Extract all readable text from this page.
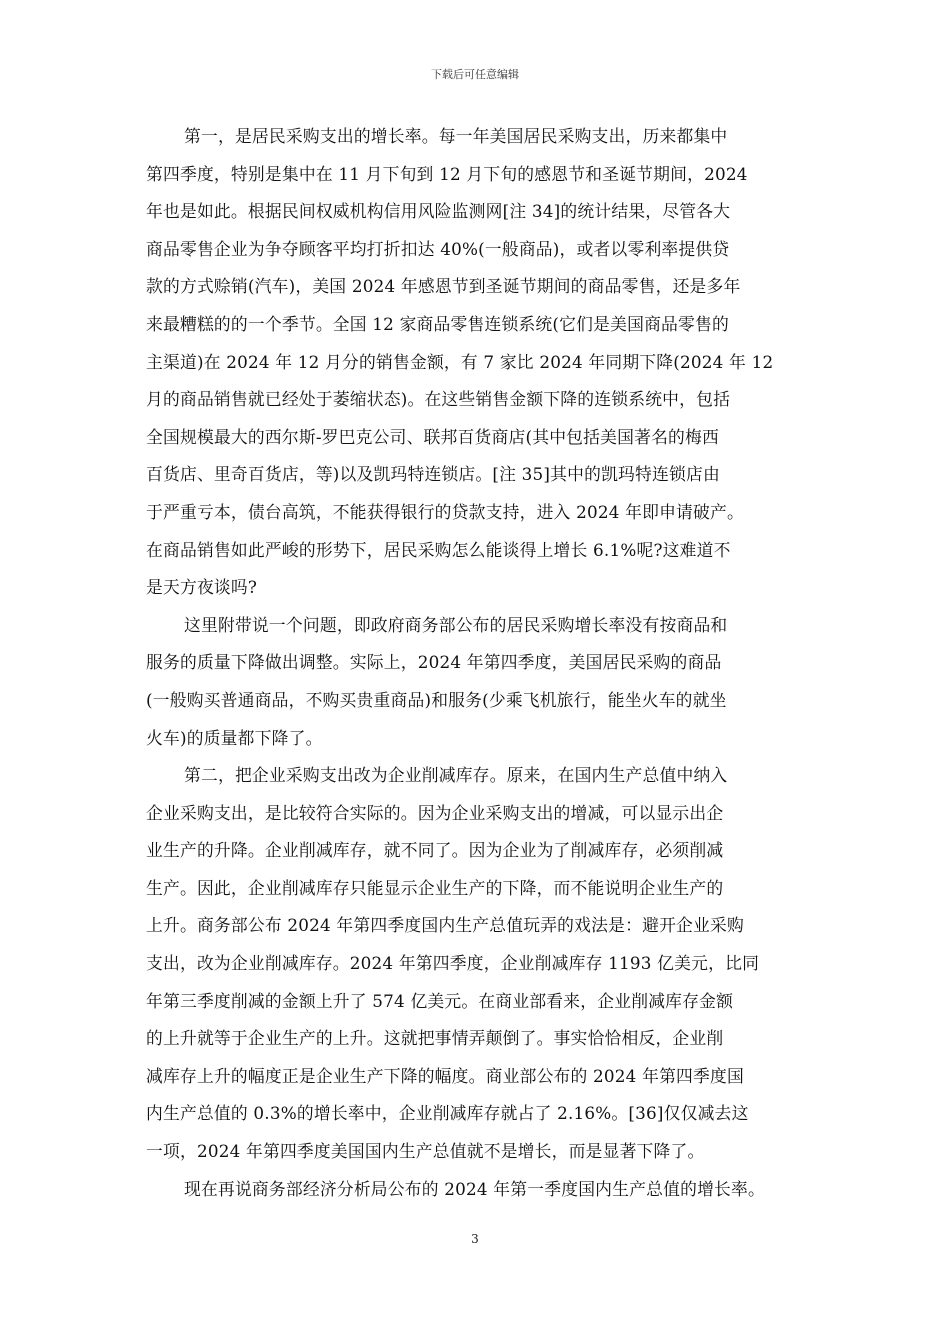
下载后可任意编辑
第一，是居民采购支出的增长率。每一年美国居民采购支出，历来都集中
第四季度，特别是集中在 11 月下旬到 12 月下旬的感恩节和圣诞节期间，2024
年也是如此。根据民间权威机构信用风险监测网[注 34]的统计结果，尽管各大
商品零售企业为争夺顾客平均打折扣达 40%(一般商品)，或者以零利率提供贷
款的方式赊销(汽车)，美国 2024 年感恩节到圣诞节期间的商品零售，还是多年
来最糟糕的的一个季节。全国 12 家商品零售连锁系统(它们是美国商品零售的
主渠道)在 2024 年 12 月分的销售金额，有 7 家比 2024 年同期下降(2024 年 12
月的商品销售就已经处于萎缩状态)。在这些销售金额下降的连锁系统中，包括
全国规模最大的西尔斯-罗巴克公司、联邦百货商店(其中包括美国著名的梅西
百货店、里奇百货店，等)以及凯玛特连锁店。[注 35]其中的凯玛特连锁店由
于严重亏本，债台高筑，不能获得银行的贷款支持，进入 2024 年即申请破产。
在商品销售如此严峻的形势下，居民采购怎么能谈得上增长 6.1%呢?这难道不
是天方夜谈吗?
这里附带说一个问题，即政府商务部公布的居民采购增长率没有按商品和
服务的质量下降做出调整。实际上，2024 年第四季度，美国居民采购的商品
(一般购买普通商品，不购买贵重商品)和服务(少乘飞机旅行，能坐火车的就坐
火车)的质量都下降了。
第二，把企业采购支出改为企业削减库存。原来，在国内生产总值中纳入
企业采购支出，是比较符合实际的。因为企业采购支出的增减，可以显示出企
业生产的升降。企业削减库存，就不同了。因为企业为了削减库存，必须削减
生产。因此，企业削减库存只能显示企业生产的下降，而不能说明企业生产的
上升。商务部公布 2024 年第四季度国内生产总值玩弄的戏法是：避开企业采购
支出，改为企业削减库存。2024 年第四季度，企业削减库存 1193 亿美元，比同
年第三季度削减的金额上升了 574 亿美元。在商业部看来，企业削减库存金额
的上升就等于企业生产的上升。这就把事情弄颠倒了。事实恰恰相反，企业削
减库存上升的幅度正是企业生产下降的幅度。商业部公布的 2024 年第四季度国
内生产总值的 0.3%的增长率中，企业削减库存就占了 2.16%。[36]仅仅减去这
一项，2024 年第四季度美国国内生产总值就不是增长，而是显著下降了。
现在再说商务部经济分析局公布的 2024 年第一季度国内生产总值的增长率。
3
